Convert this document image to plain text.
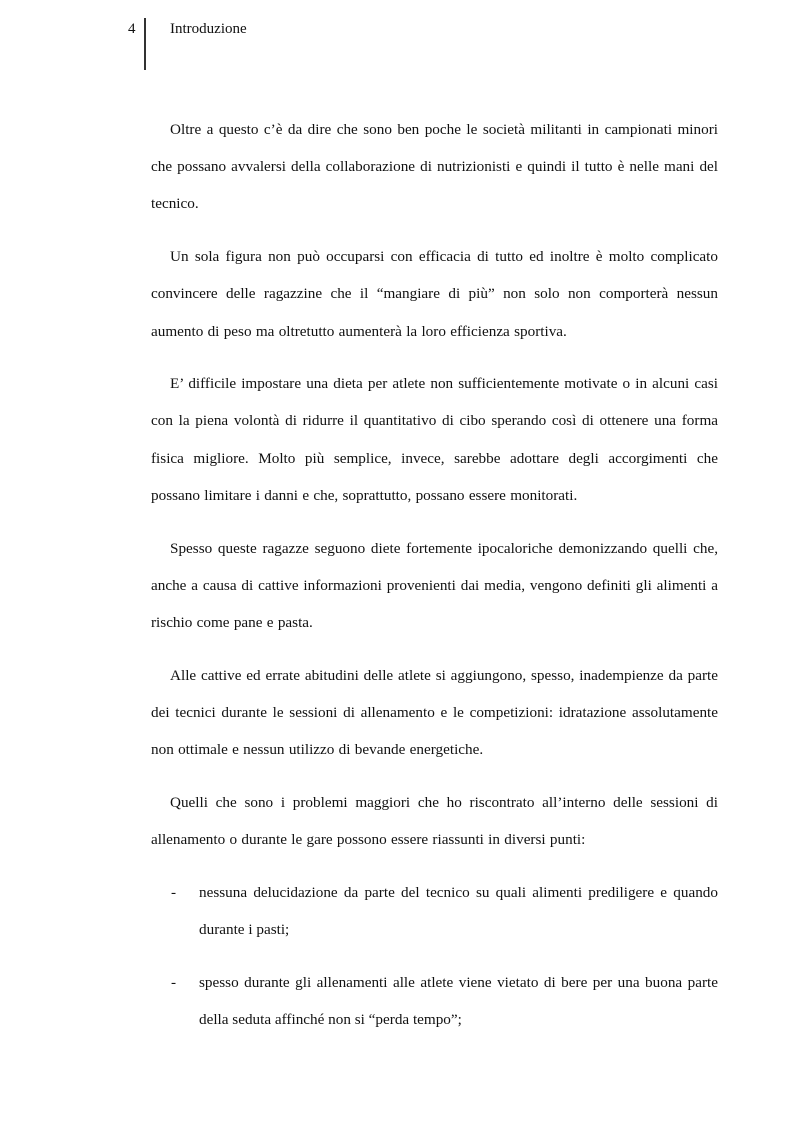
4 Introduzione

Oltre a questo c’è da dire che sono ben poche le società militanti in campionati minori che possano avvalersi della collaborazione di nutrizionisti e quindi il tutto è nelle mani del tecnico.

Un sola figura non può occuparsi con efficacia di tutto ed inoltre è molto complicato convincere delle ragazzine che il “mangiare di più” non solo non comporterà nessun aumento di peso ma oltretutto aumenterà la loro efficienza sportiva.

E’ difficile impostare una dieta per atlete non sufficientemente motivate o in alcuni casi con la piena volontà di ridurre il quantitativo di cibo sperando così di ottenere una forma fisica migliore. Molto più semplice, invece, sarebbe adottare degli accorgimenti che possano limitare i danni e che, soprattutto, possano essere monitorati.

Spesso queste ragazze seguono diete fortemente ipocaloriche demonizzando quelli che, anche a causa di cattive informazioni provenienti dai media, vengono definiti gli alimenti a rischio come pane e pasta.

Alle cattive ed errate abitudini delle atlete si aggiungono, spesso, inadempienze da parte dei tecnici durante le sessioni di allenamento e le competizioni: idratazione assolutamente non ottimale e nessun utilizzo di bevande energetiche.

Quelli che sono i problemi maggiori che ho riscontrato all’interno delle sessioni di allenamento o durante le gare possono essere riassunti in diversi punti:

- nessuna delucidazione da parte del tecnico su quali alimenti prediligere e quando durante i pasti;
- spesso durante gli allenamenti alle atlete viene vietato di bere per una buona parte della seduta affinché non si “perda tempo”;
